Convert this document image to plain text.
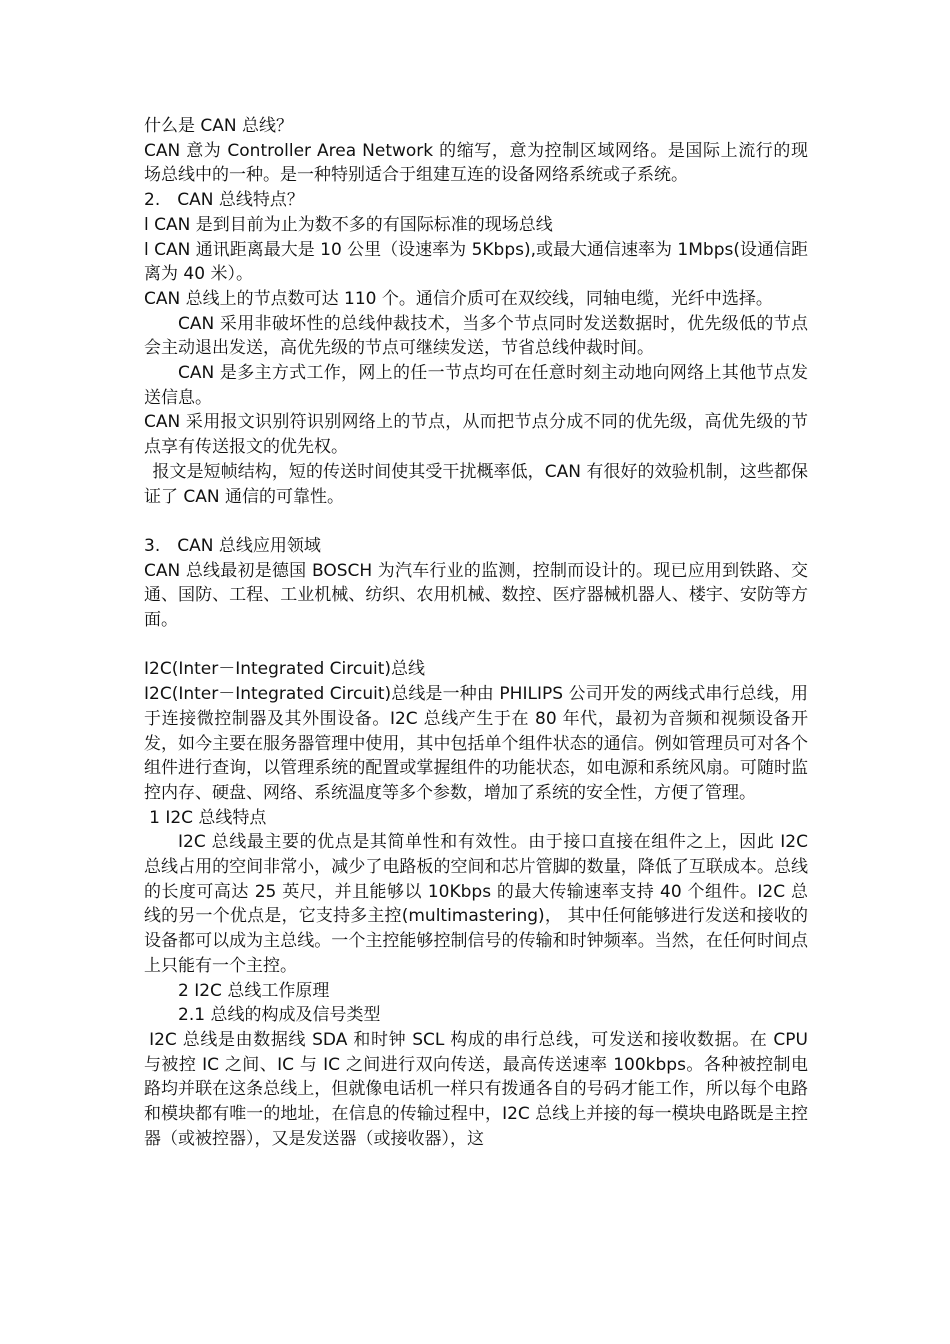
什么是 CAN 总线？

CAN 意为 Controller Area Network 的缩写，意为控制区域网络。是国际上流行的现场总线中的一种。是一种特别适合于组建互连的设备网络系统或子系统。

2.　CAN 总线特点？

l CAN 是到目前为止为数不多的有国际标准的现场总线

l CAN 通讯距离最大是 10 公里（设速率为 5Kbps),或最大通信速率为 1Mbps(设通信距离为 40 米）。

CAN 总线上的节点数可达 110 个。通信介质可在双绞线，同轴电缆，光纤中选择。

CAN 采用非破坏性的总线仲裁技术，当多个节点同时发送数据时，优先级低的节点会主动退出发送，高优先级的节点可继续发送，节省总线仲裁时间。

CAN 是多主方式工作，网上的任一节点均可在任意时刻主动地向网络上其他节点发送信息。

CAN 采用报文识别符识别网络上的节点，从而把节点分成不同的优先级，高优先级的节点享有传送报文的优先权。

报文是短帧结构，短的传送时间使其受干扰概率低，CAN 有很好的效验机制，这些都保证了 CAN 通信的可靠性。

3.　CAN 总线应用领域

CAN 总线最初是德国 BOSCH 为汽车行业的监测，控制而设计的。现已应用到铁路、交通、国防、工程、工业机械、纺织、农用机械、数控、医疗器械机器人、楼宇、安防等方面。

I2C(Inter－Integrated Circuit)总线

I2C(Inter－Integrated Circuit)总线是一种由 PHILIPS 公司开发的两线式串行总线，用于连接微控制器及其外围设备。I2C 总线产生于在 80 年代，最初为音频和视频设备开发，如今主要在服务器管理中使用，其中包括单个组件状态的通信。例如管理员可对各个组件进行查询，以管理系统的配置或掌握组件的功能状态，如电源和系统风扇。可随时监控内存、硬盘、网络、系统温度等多个参数，增加了系统的安全性，方便了管理。

1 I2C 总线特点

I2C 总线最主要的优点是其简单性和有效性。由于接口直接在组件之上，因此 I2C 总线占用的空间非常小，减少了电路板的空间和芯片管脚的数量，降低了互联成本。总线的长度可高达 25 英尺，并且能够以 10Kbps 的最大传输速率支持 40 个组件。I2C 总线的另一个优点是，它支持多主控(multimastering)， 其中任何能够进行发送和接收的设备都可以成为主总线。一个主控能够控制信号的传输和时钟频率。当然，在任何时间点上只能有一个主控。

2 I2C 总线工作原理

2.1 总线的构成及信号类型

I2C 总线是由数据线 SDA 和时钟 SCL 构成的串行总线，可发送和接收数据。在 CPU 与被控 IC 之间、IC 与 IC 之间进行双向传送，最高传送速率 100kbps。各种被控制电路均并联在这条总线上，但就像电话机一样只有拨通各自的号码才能工作，所以每个电路和模块都有唯一的地址，在信息的传输过程中，I2C 总线上并接的每一模块电路既是主控器（或被控器），又是发送器（或接收器），这
